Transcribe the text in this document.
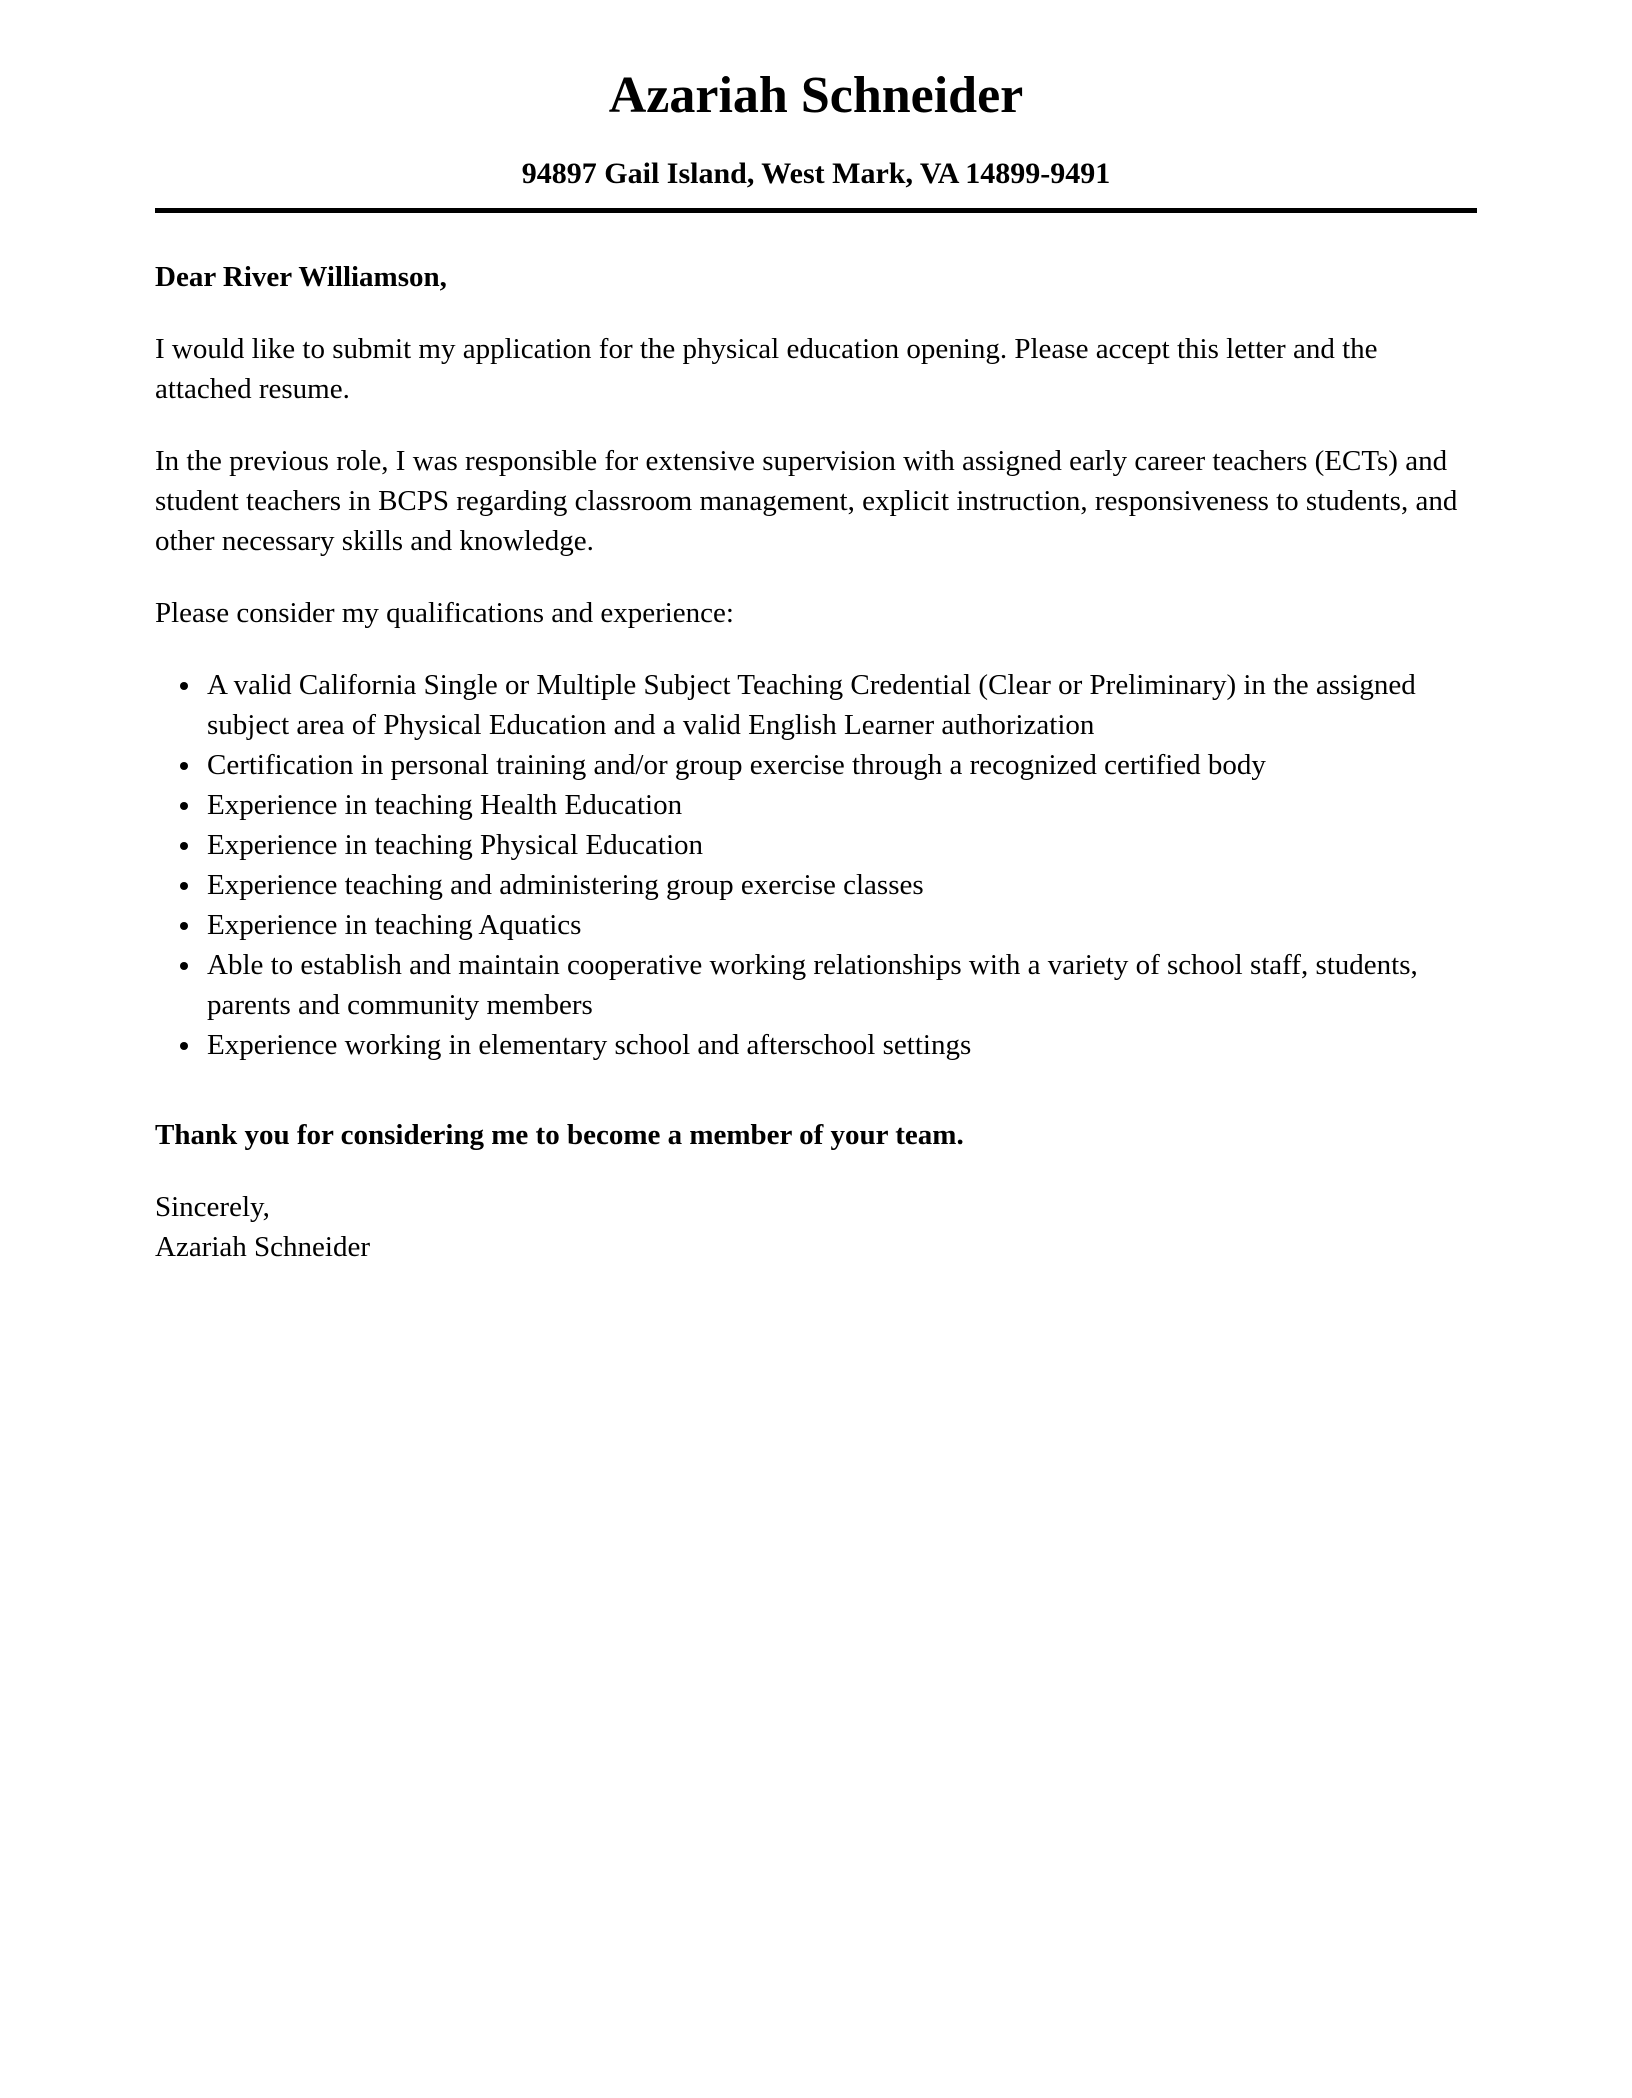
Azariah Schneider

94897 Gail Island, West Mark, VA 14899-9491

Dear River Williamson,

I would like to submit my application for the physical education opening. Please accept this letter and the attached resume.

In the previous role, I was responsible for extensive supervision with assigned early career teachers (ECTs) and student teachers in BCPS regarding classroom management, explicit instruction, responsiveness to students, and other necessary skills and knowledge.

Please consider my qualifications and experience:

• A valid California Single or Multiple Subject Teaching Credential (Clear or Preliminary) in the assigned subject area of Physical Education and a valid English Learner authorization
• Certification in personal training and/or group exercise through a recognized certified body
• Experience in teaching Health Education
• Experience in teaching Physical Education
• Experience teaching and administering group exercise classes
• Experience in teaching Aquatics
• Able to establish and maintain cooperative working relationships with a variety of school staff, students, parents and community members
• Experience working in elementary school and afterschool settings

Thank you for considering me to become a member of your team.

Sincerely,

Azariah Schneider
